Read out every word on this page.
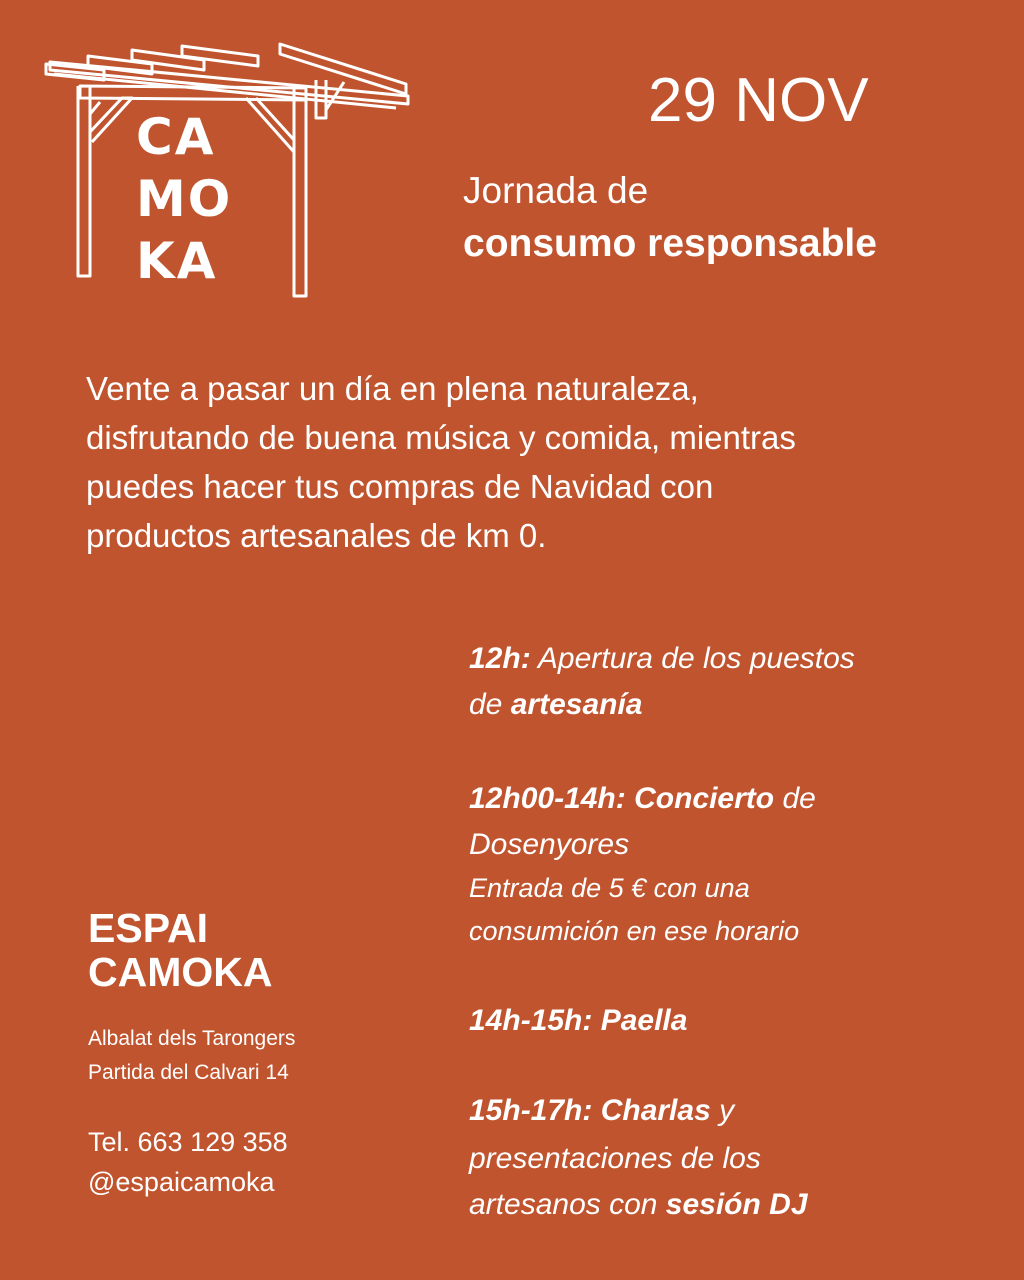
CA
MO
KA
29 NOV
Jornada de
consumo responsable
Vente a pasar un día en plena naturaleza,
disfrutando de buena música y comida, mientras
puedes hacer tus compras de Navidad con
productos artesanales de km 0.
12h: Apertura de los puestos
de artesanía
12h00-14h: Concierto de
Dosenyores
Entrada de 5 € con una
consumición en ese horario
14h-15h: Paella
15h-17h: Charlas y
presentaciones de los
artesanos con sesión DJ
ESPAI
CAMOKA
Albalat dels Tarongers
Partida del Calvari 14
Tel. 663 129 358
@espaicamoka
